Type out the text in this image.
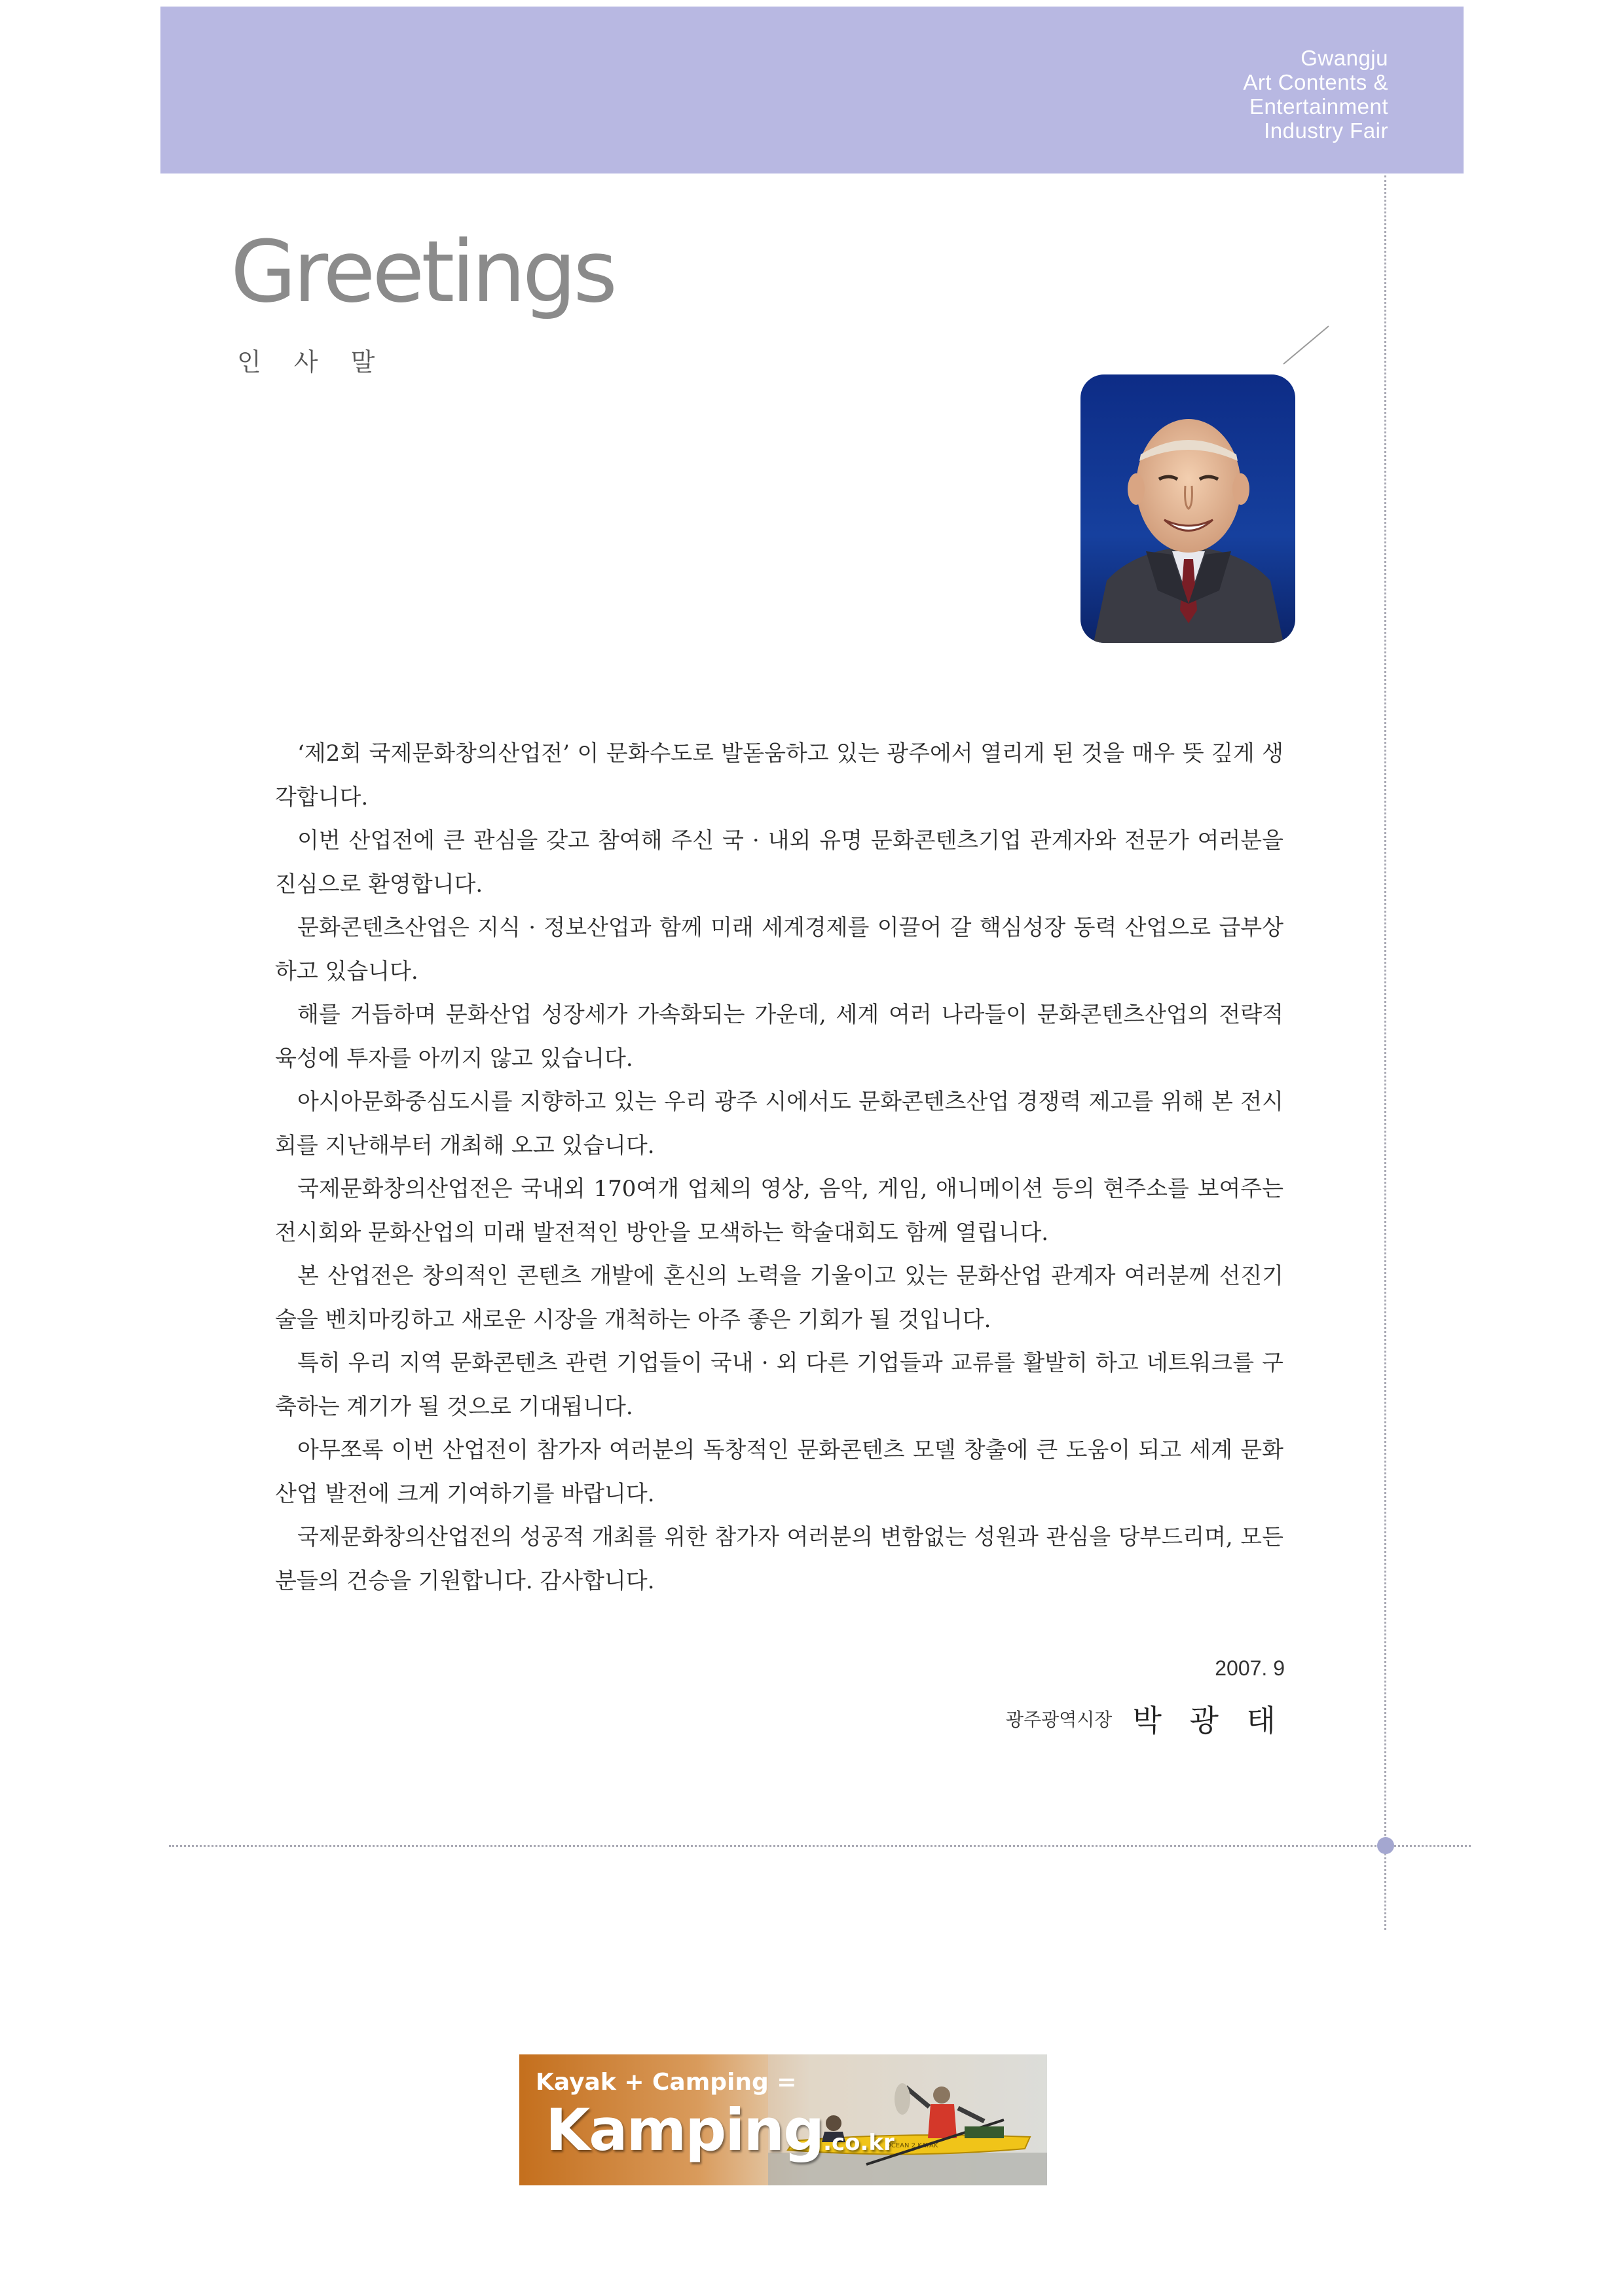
Gwangju
Art Contents &
Entertainment
Industry Fair
Greetings
인 사 말

‘제2회 국제문화창의산업전’ 이 문화수도로 발돋움하고 있는 광주에서 열리게 된 것을 매우 뜻 깊게 생각합니다.

이번 산업전에 큰 관심을 갖고 참여해 주신 국 · 내외 유명 문화콘텐츠기업 관계자와 전문가 여러분을 진심으로 환영합니다.

문화콘텐츠산업은 지식 · 정보산업과 함께 미래 세계경제를 이끌어 갈 핵심성장 동력 산업으로 급부상하고 있습니다.

해를 거듭하며 문화산업 성장세가 가속화되는 가운데, 세계 여러 나라들이 문화콘텐츠산업의 전략적 육성에 투자를 아끼지 않고 있습니다.

아시아문화중심도시를 지향하고 있는 우리 광주 시에서도 문화콘텐츠산업 경쟁력 제고를 위해 본 전시회를 지난해부터 개최해 오고 있습니다.

국제문화창의산업전은 국내외 170여개 업체의 영상, 음악, 게임, 애니메이션 등의 현주소를 보여주는 전시회와 문화산업의 미래 발전적인 방안을 모색하는 학술대회도 함께 열립니다.

본 산업전은 창의적인 콘텐츠 개발에 혼신의 노력을 기울이고 있는 문화산업 관계자 여러분께 선진기술을 벤치마킹하고 새로운 시장을 개척하는 아주 좋은 기회가 될 것입니다.

특히 우리 지역 문화콘텐츠 관련 기업들이 국내 · 외 다른 기업들과 교류를 활발히 하고 네트워크를 구축하는 계기가 될 것으로 기대됩니다.

아무쪼록 이번 산업전이 참가자 여러분의 독창적인 문화콘텐츠 모델 창출에 큰 도움이 되고 세계 문화산업 발전에 크게 기여하기를 바랍니다.

국제문화창의산업전의 성공적 개최를 위한 참가자 여러분의 변함없는 성원과 관심을 당부드리며, 모든 분들의 건승을 기원합니다. 감사합니다.

2007. 9
광주광역시장 박 광 태
OCEAN 2 KAYAK
Kayak + Camping =
Kamping.co.kr
